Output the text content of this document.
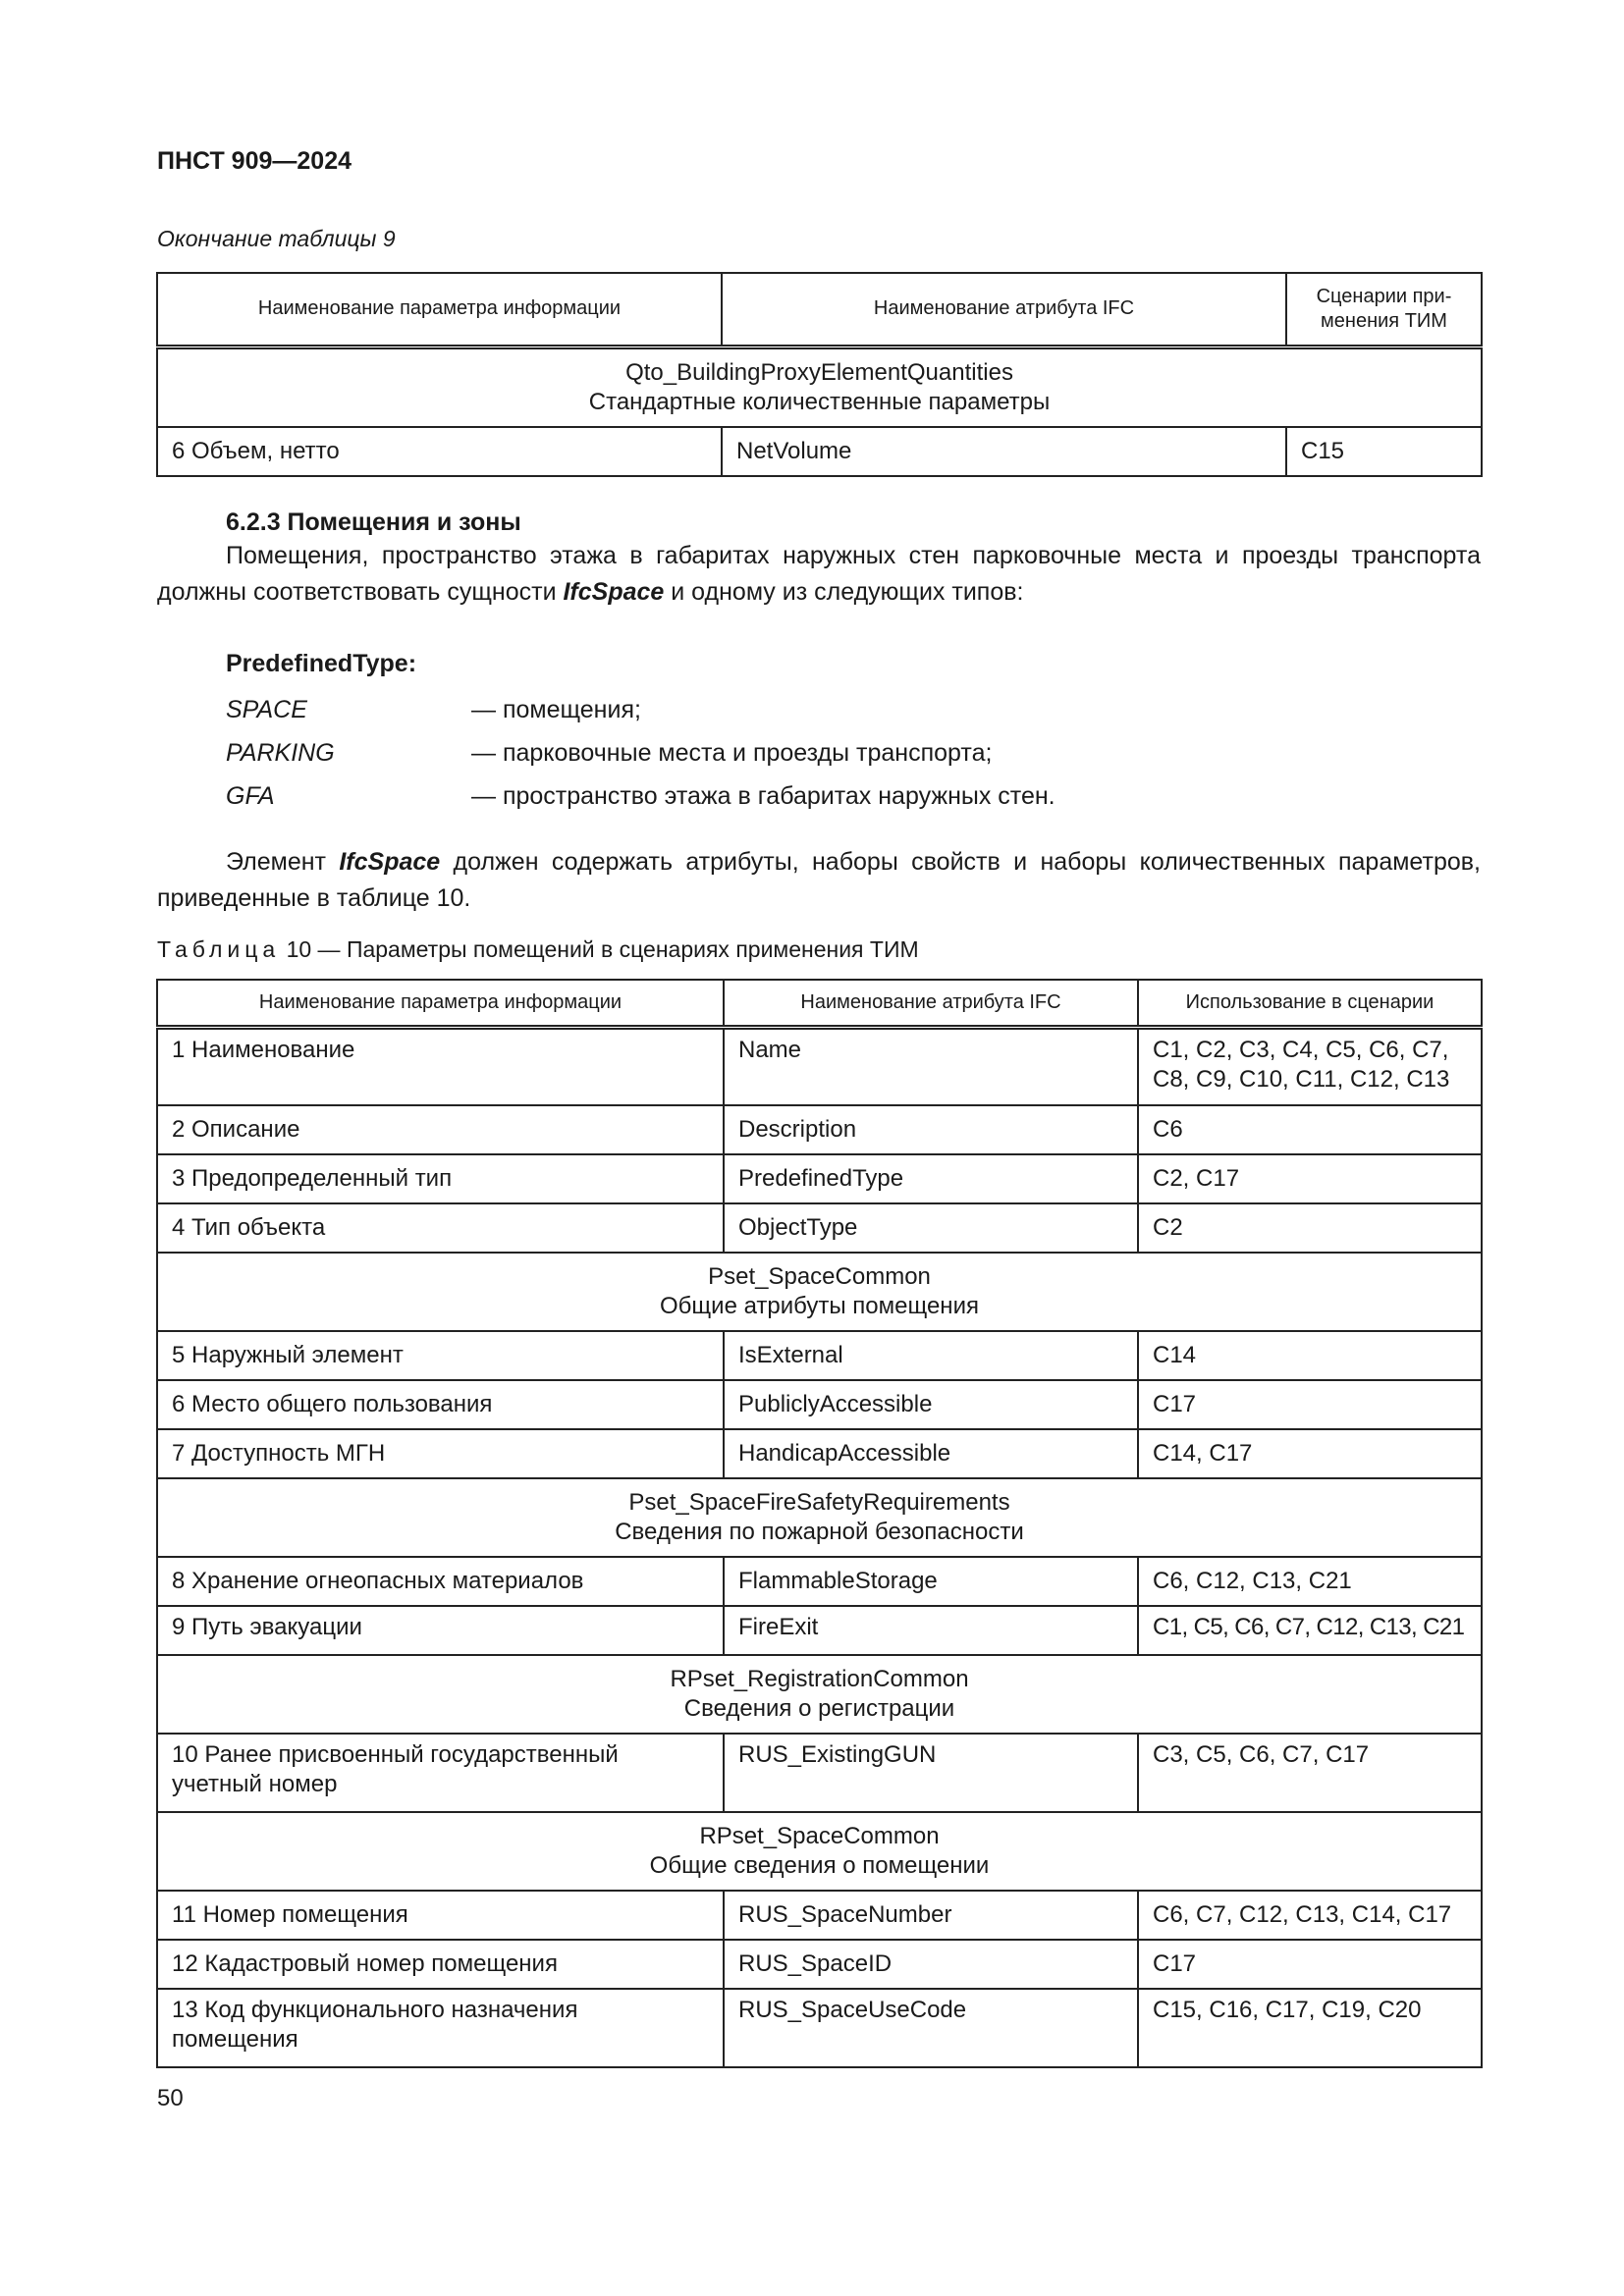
ПНСТ 909—2024

Окончание таблицы 9

Наименование параметра информации	Наименование атрибута IFC	Сценарии при-
менения ТИМ

Qto_BuildingProxyElementQuantities
Стандартные количественные параметры		

6 Объем, нетто	NetVolume	C15

6.2.3 Помещения и зоны

Помещения, пространство этажа в габаритах наружных стен парковочные места и проезды транспорта должны соответствовать сущности IfcSpace и одному из следующих типов:

PredefinedType:

SPACE	— помещения;
PARKING	— парковочные места и проезды транспорта;
GFA	— пространство этажа в габаритах наружных стен.

Элемент IfcSpace должен содержать атрибуты, наборы свойств и наборы количественных параметров, приведенные в таблице 10.

Таблица 10 — Параметры помещений в сценариях применения ТИМ

Наименование параметра информации	Наименование атрибута IFC	Использование в сценарии
1 Наименование	Name	C1, C2, C3, C4, C5, C6, C7, C8, C9, C10, C11, C12, C13
2 Описание	Description	C6
3 Предопределенный тип	PredefinedType	C2, C17
4 Тип объекта	ObjectType	C2

Pset_SpaceCommon
Общие атрибуты помещения		

5 Наружный элемент	IsExternal	C14
6 Место общего пользования	PubliclyAccessible	C17
7 Доступность МГН	HandicapAccessible	C14, C17

Pset_SpaceFireSafetyRequirements
Сведения по пожарной безопасности		

8 Хранение огнеопасных материалов	FlammableStorage	C6, C12, C13, C21
9 Путь эвакуации	FireExit	C1, C5, C6, C7, C12, C13, C21

RPset_RegistrationCommon
Сведения о регистрации		

10 Ранее присвоенный государственный учетный номер	RUS_ExistingGUN	C3, C5, C6, C7, C17

RPset_SpaceCommon
Общие сведения о помещении		

11 Номер помещения	RUS_SpaceNumber	C6, C7, C12, C13, C14, C17
12 Кадастровый номер помещения	RUS_SpaceID	C17
13 Код функционального назначения помещения	RUS_SpaceUseCode	C15, C16, C17, C19, C20

50
